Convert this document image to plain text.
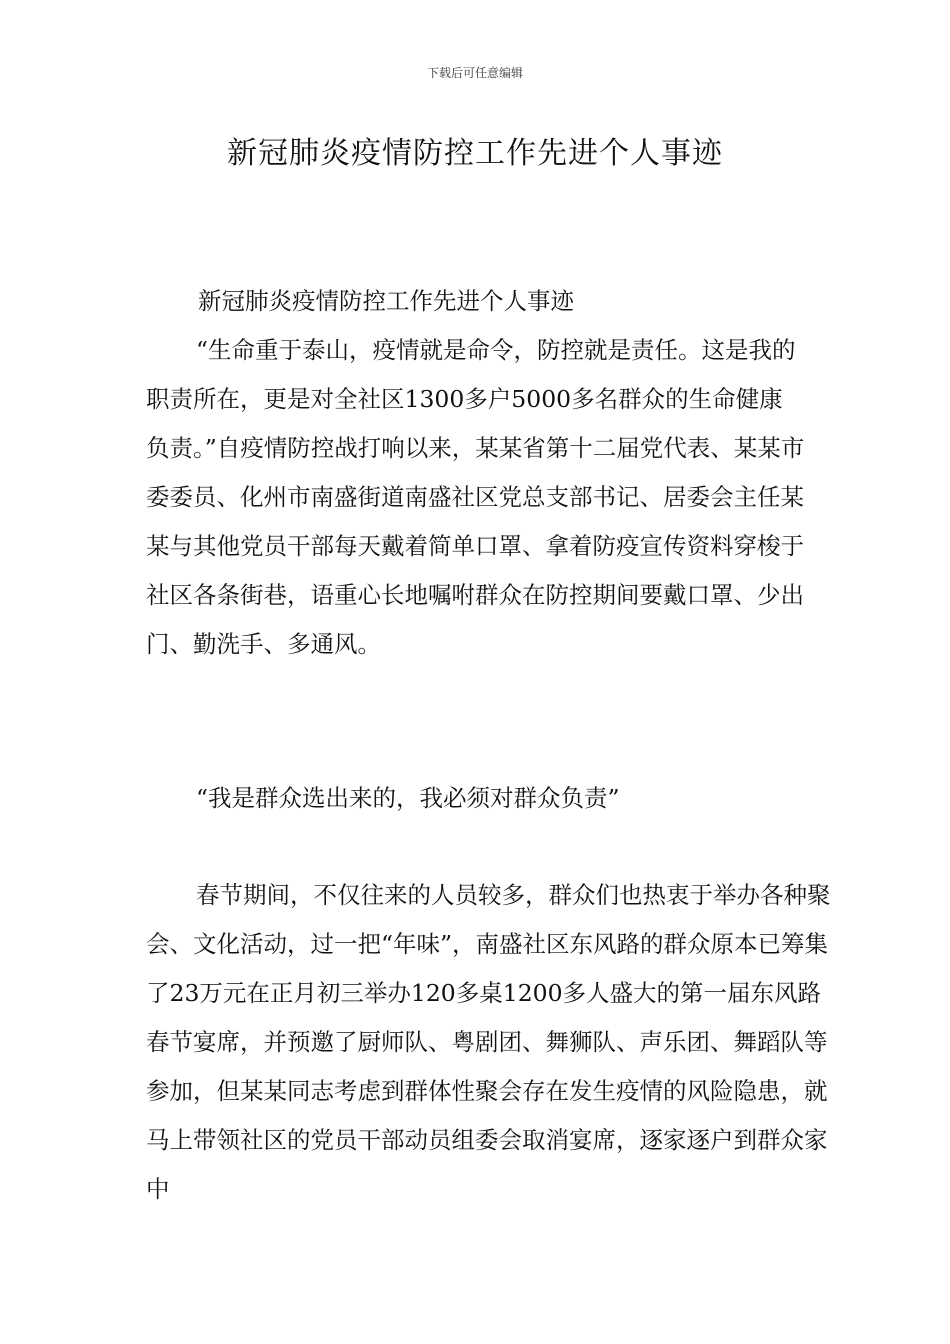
下载后可任意编辑
新冠肺炎疫情防控工作先进个人事迹

新冠肺炎疫情防控工作先进个人事迹

“生命重于泰山，疫情就是命令，防控就是责任。这是我的职责所在，更是对全社区1300多户5000多名群众的生命健康负责。”自疫情防控战打响以来，某某省第十二届党代表、某某市委委员、化州市南盛街道南盛社区党总支部书记、居委会主任某某与其他党员干部每天戴着简单口罩、拿着防疫宣传资料穿梭于社区各条街巷，语重心长地嘱咐群众在防控期间要戴口罩、少出门、勤洗手、多通风。

“我是群众选出来的，我必须对群众负责”

春节期间，不仅往来的人员较多，群众们也热衷于举办各种聚会、文化活动，过一把“年味”，南盛社区东风路的群众原本已筹集了23万元在正月初三举办120多桌1200多人盛大的第一届东风路春节宴席，并预邀了厨师队、粤剧团、舞狮队、声乐团、舞蹈队等参加，但某某同志考虑到群体性聚会存在发生疫情的风险隐患，就马上带领社区的党员干部动员组委会取消宴席，逐家逐户到群众家中
